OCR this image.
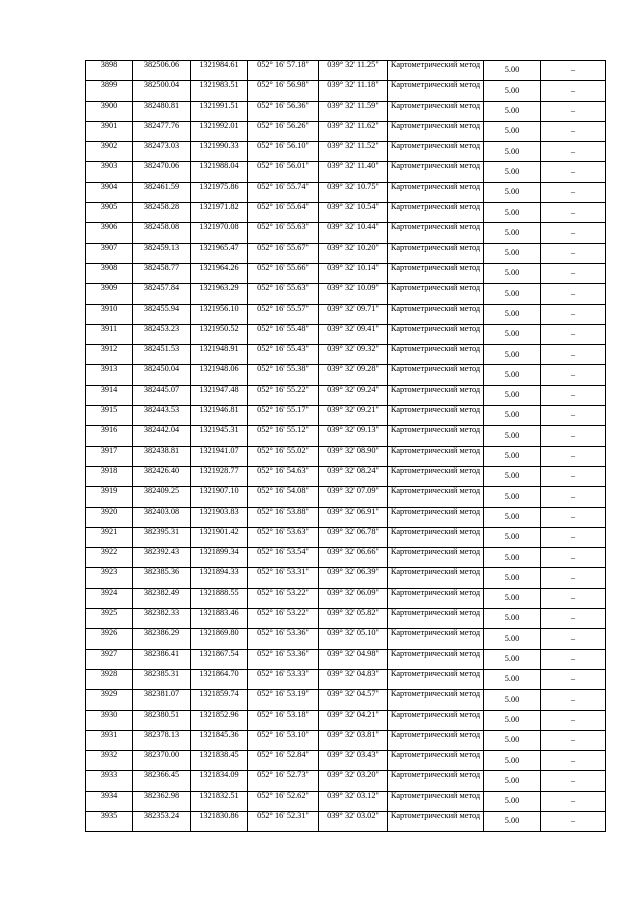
3898	382506.06	1321984.61	052° 16' 57.18"	039° 32' 11.25"	Картометрический метод	5.00	–
3899	382500.04	1321983.51	052° 16' 56.98"	039° 32' 11.18"	Картометрический метод	5.00	–
3900	382480.81	1321991.51	052° 16' 56.36"	039° 32' 11.59"	Картометрический метод	5.00	–
3901	382477.76	1321992.01	052° 16' 56.26"	039° 32' 11.62"	Картометрический метод	5.00	–
3902	382473.03	1321990.33	052° 16' 56.10"	039° 32' 11.52"	Картометрический метод	5.00	–
3903	382470.06	1321988.04	052° 16' 56.01"	039° 32' 11.40"	Картометрический метод	5.00	–
3904	382461.59	1321975.86	052° 16' 55.74"	039° 32' 10.75"	Картометрический метод	5.00	–
3905	382458.28	1321971.82	052° 16' 55.64"	039° 32' 10.54"	Картометрический метод	5.00	–
3906	382458.08	1321970.08	052° 16' 55.63"	039° 32' 10.44"	Картометрический метод	5.00	–
3907	382459.13	1321965.47	052° 16' 55.67"	039° 32' 10.20"	Картометрический метод	5.00	–
3908	382458.77	1321964.26	052° 16' 55.66"	039° 32' 10.14"	Картометрический метод	5.00	–
3909	382457.84	1321963.29	052° 16' 55.63"	039° 32' 10.09"	Картометрический метод	5.00	–
3910	382455.94	1321956.10	052° 16' 55.57"	039° 32' 09.71"	Картометрический метод	5.00	–
3911	382453.23	1321950.52	052° 16' 55.48"	039° 32' 09.41"	Картометрический метод	5.00	–
3912	382451.53	1321948.91	052° 16' 55.43"	039° 32' 09.32"	Картометрический метод	5.00	–
3913	382450.04	1321948.06	052° 16' 55.38"	039° 32' 09.28"	Картометрический метод	5.00	–
3914	382445.07	1321947.48	052° 16' 55.22"	039° 32' 09.24"	Картометрический метод	5.00	–
3915	382443.53	1321946.81	052° 16' 55.17"	039° 32' 09.21"	Картометрический метод	5.00	–
3916	382442.04	1321945.31	052° 16' 55.12"	039° 32' 09.13"	Картометрический метод	5.00	–
3917	382438.81	1321941.07	052° 16' 55.02"	039° 32' 08.90"	Картометрический метод	5.00	–
3918	382426.40	1321928.77	052° 16' 54.63"	039° 32' 08.24"	Картометрический метод	5.00	–
3919	382409.25	1321907.10	052° 16' 54.08"	039° 32' 07.09"	Картометрический метод	5.00	–
3920	382403.08	1321903.83	052° 16' 53.88"	039° 32' 06.91"	Картометрический метод	5.00	–
3921	382395.31	1321901.42	052° 16' 53.63"	039° 32' 06.78"	Картометрический метод	5.00	–
3922	382392.43	1321899.34	052° 16' 53.54"	039° 32' 06.66"	Картометрический метод	5.00	–
3923	382385.36	1321894.33	052° 16' 53.31"	039° 32' 06.39"	Картометрический метод	5.00	–
3924	382382.49	1321888.55	052° 16' 53.22"	039° 32' 06.09"	Картометрический метод	5.00	–
3925	382382.33	1321883.46	052° 16' 53.22"	039° 32' 05.82"	Картометрический метод	5.00	–
3926	382386.29	1321869.80	052° 16' 53.36"	039° 32' 05.10"	Картометрический метод	5.00	–
3927	382386.41	1321867.54	052° 16' 53.36"	039° 32' 04.98"	Картометрический метод	5.00	–
3928	382385.31	1321864.70	052° 16' 53.33"	039° 32' 04.83"	Картометрический метод	5.00	–
3929	382381.07	1321859.74	052° 16' 53.19"	039° 32' 04.57"	Картометрический метод	5.00	–
3930	382380.51	1321852.96	052° 16' 53.18"	039° 32' 04.21"	Картометрический метод	5.00	–
3931	382378.13	1321845.36	052° 16' 53.10"	039° 32' 03.81"	Картометрический метод	5.00	–
3932	382370.00	1321838.45	052° 16' 52.84"	039° 32' 03.43"	Картометрический метод	5.00	–
3933	382366.45	1321834.09	052° 16' 52.73"	039° 32' 03.20"	Картометрический метод	5.00	–
3934	382362.98	1321832.51	052° 16' 52.62"	039° 32' 03.12"	Картометрический метод	5.00	–
3935	382353.24	1321830.86	052° 16' 52.31"	039° 32' 03.02"	Картометрический метод	5.00	–
